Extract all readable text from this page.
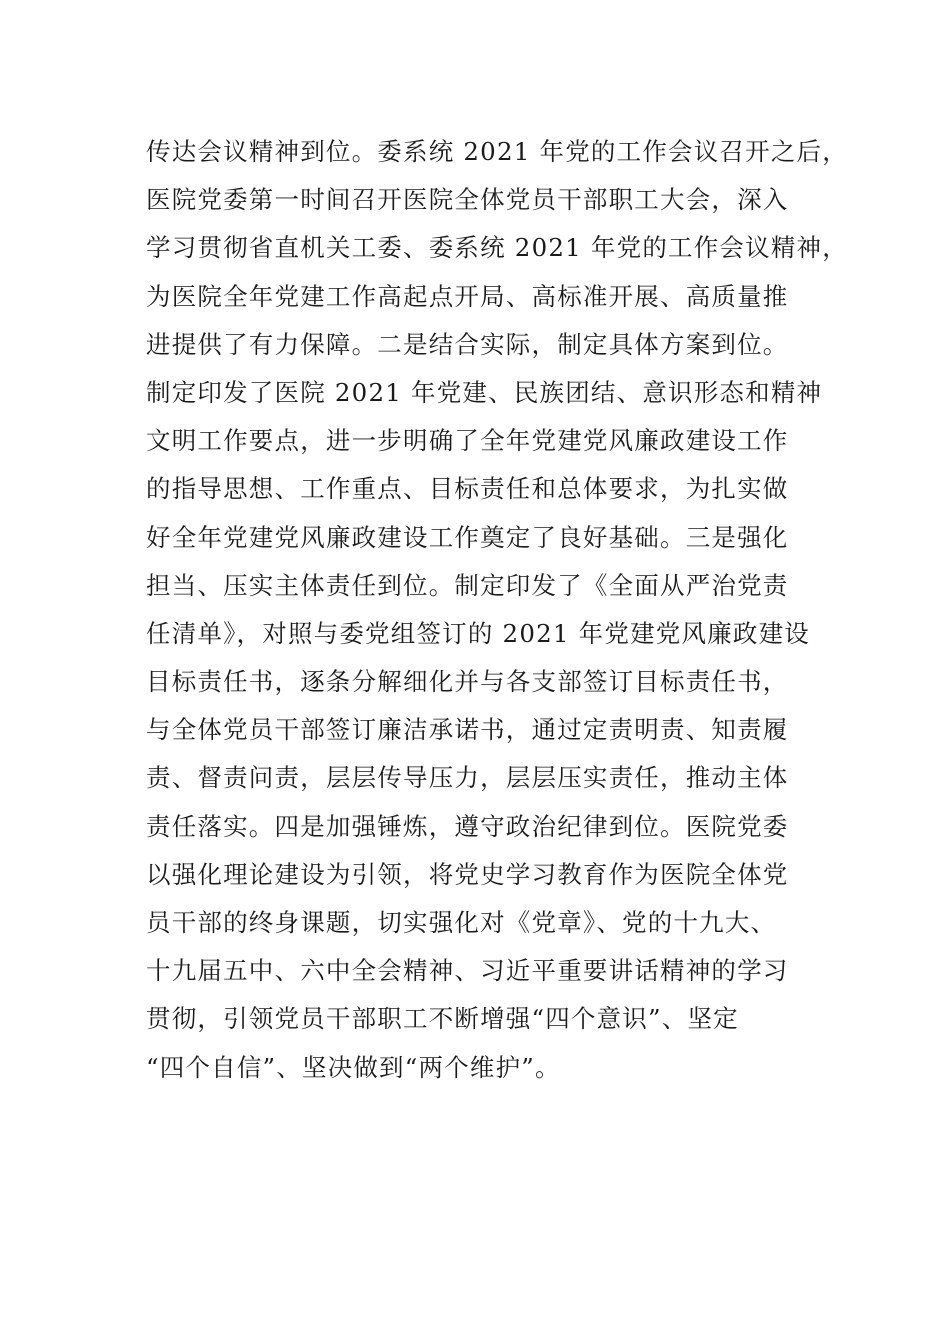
传达会议精神到位。委系统 2021 年党的工作会议召开之后，
医院党委第一时间召开医院全体党员干部职工大会，深入
学习贯彻省直机关工委、委系统 2021 年党的工作会议精神，
为医院全年党建工作高起点开局、高标准开展、高质量推
进提供了有力保障。二是结合实际，制定具体方案到位。
制定印发了医院 2021 年党建、民族团结、意识形态和精神
文明工作要点，进一步明确了全年党建党风廉政建设工作
的指导思想、工作重点、目标责任和总体要求，为扎实做
好全年党建党风廉政建设工作奠定了良好基础。三是强化
担当、压实主体责任到位。制定印发了《全面从严治党责
任清单》，对照与委党组签订的 2021 年党建党风廉政建设
目标责任书，逐条分解细化并与各支部签订目标责任书，
与全体党员干部签订廉洁承诺书，通过定责明责、知责履
责、督责问责，层层传导压力，层层压实责任，推动主体
责任落实。四是加强锤炼，遵守政治纪律到位。医院党委
以强化理论建设为引领，将党史学习教育作为医院全体党
员干部的终身课题，切实强化对《党章》、党的十九大、
十九届五中、六中全会精神、习近平重要讲话精神的学习
贯彻，引领党员干部职工不断增强“四个意识”、坚定
“四个自信”、坚决做到“两个维护”。
